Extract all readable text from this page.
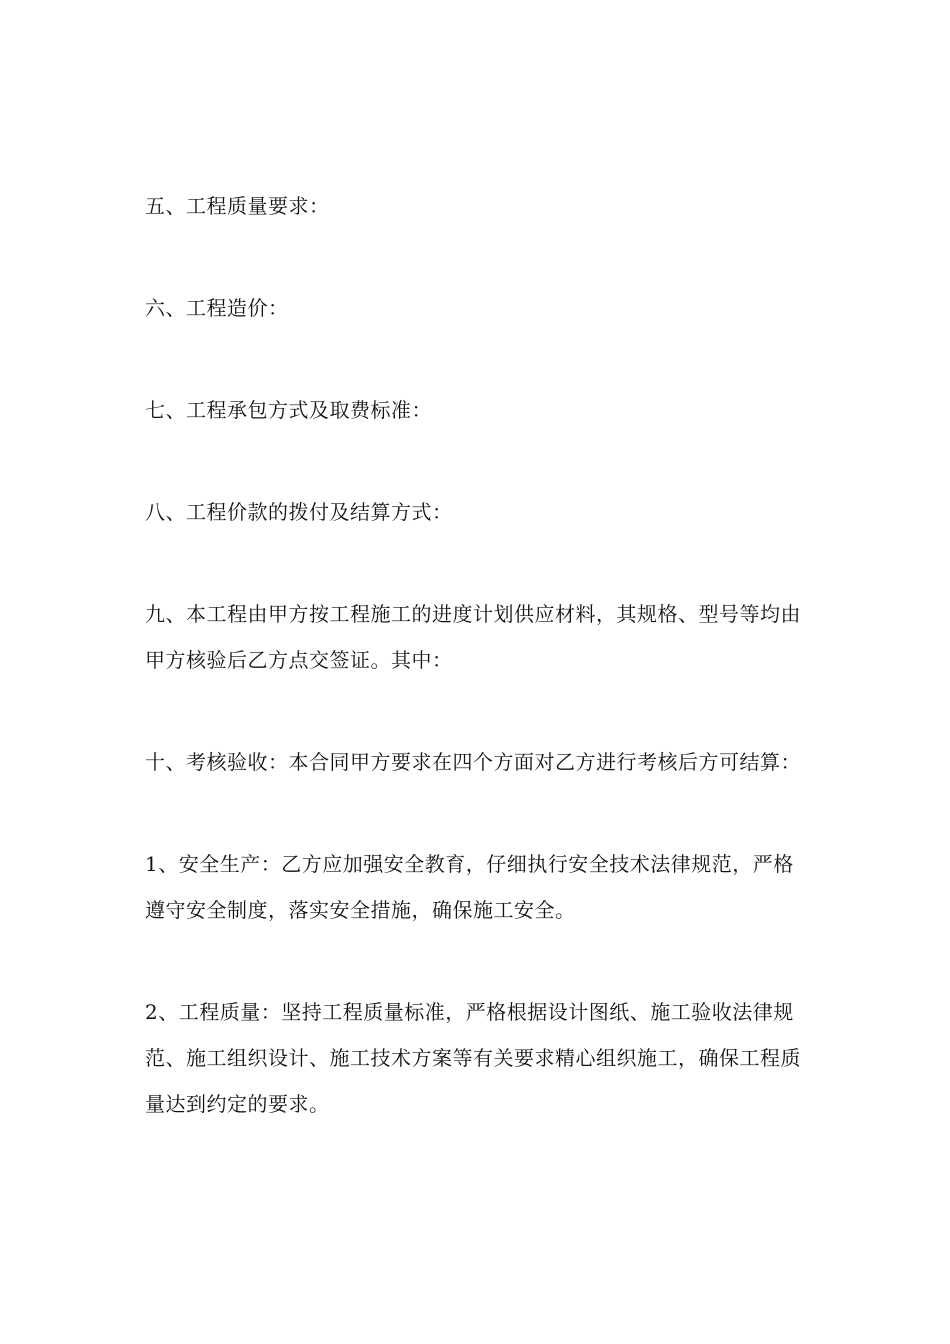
五、工程质量要求：

六、工程造价：

七、工程承包方式及取费标准：

八、工程价款的拨付及结算方式：

九、本工程由甲方按工程施工的进度计划供应材料，其规格、型号等均由甲方核验后乙方点交签证。其中：

十、考核验收：本合同甲方要求在四个方面对乙方进行考核后方可结算：

1、安全生产：乙方应加强安全教育，仔细执行安全技术法律规范，严格遵守安全制度，落实安全措施，确保施工安全。

2、工程质量：坚持工程质量标准，严格根据设计图纸、施工验收法律规范、施工组织设计、施工技术方案等有关要求精心组织施工，确保工程质量达到约定的要求。
